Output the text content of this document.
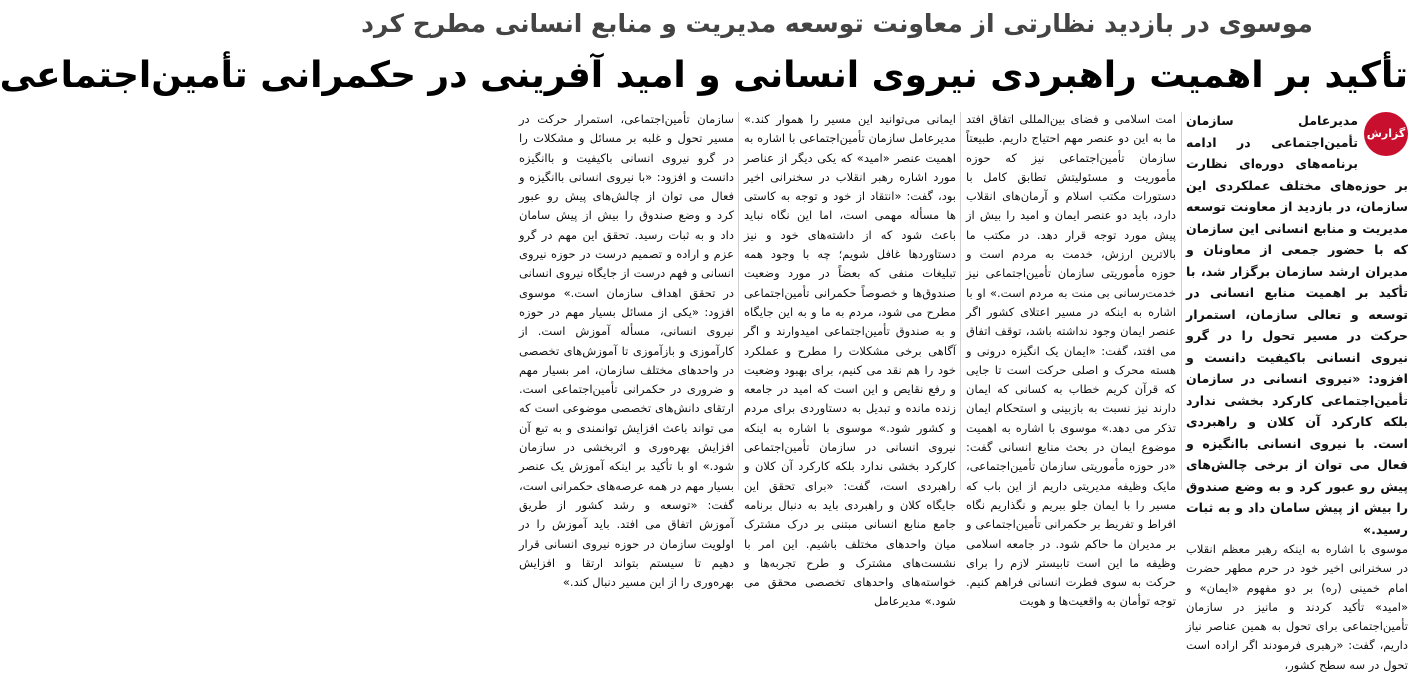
موسوی در بازدید نظارتی از معاونت توسعه مدیریت و منابع انسانی مطرح کرد
تأکید بر اهمیت راهبردی نیروی انسانی و امید آفرینی در حکمرانی تأمین‌اجتماعی
گزارش

مدیرعامل سازمان تأمین‌اجتماعی در ادامه برنامه‌های دوره‌ای نظارت بر حوزه‌های مختلف عملکردی این سازمان، در بازدید از معاونت توسعه مدیریت و منابع انسانی این سازمان که با حضور جمعی از معاونان و مدیران ارشد سازمان برگزار شد، با تأکید بر اهمیت منابع انسانی در توسعه و تعالی سازمان، استمرار حرکت در مسیر تحول را در گرو نیروی انسانی باکیفیت دانست و افزود: «نیروی انسانی در سازمان تأمین‌اجتماعی کارکرد بخشی ندارد بلکه کارکرد آن کلان و راهبردی است. با نیروی انسانی باانگیزه و فعال می توان از برخی چالش‌های پیش رو عبور کرد و به وضع صندوق را بیش از پیش سامان داد و به ثبات رسید.»

موسوی با اشاره به اینکه رهبر معظم انقلاب در سخنرانی اخیر خود در حرم مطهر حضرت امام خمینی (ره) بر دو مفهوم «ایمان» و «امید» تأکید کردند و مانیز در سازمان تأمین‌اجتماعی برای تحول به همین عناصر نیاز داریم، گفت: «رهبری فرمودند اگر اراده است تحول در سه سطح کشور،

امت اسلامی و فضای بین‌المللی اتفاق افتد ما به این دو عنصر مهم احتیاج داریم. طبیعتاً سازمان تأمین‌اجتماعی نیز که حوزه مأموریت و مسئولیتش تطابق کامل با دستورات مکتب اسلام و آرمان‌های انقلاب دارد، باید دو عنصر ایمان و امید را بیش از پیش مورد توجه قرار دهد. در مکتب ما بالاترین ارزش، خدمت به مردم است و حوزه مأموریتی سازمان تأمین‌اجتماعی نیز خدمت‌رسانی بی منت به مردم است.» او با اشاره به اینکه در مسیر اعتلای کشور اگر عنصر ایمان وجود نداشته باشد، توقف اتفاق می افتد، گفت: «ایمان یک انگیزه درونی و هسته محرک و اصلی حرکت است تا جایی که قرآن کریم خطاب به کسانی که ایمان دارند نیز نسبت به بازبینی و استحکام ایمان تذکر می دهد.» موسوی با اشاره به اهمیت موضوع ایمان در بحث منابع انسانی گفت: «در حوزه مأموریتی سازمان تأمین‌اجتماعی، مایک وظیفه مدیریتی داریم از این باب که مسیر را با ایمان جلو ببریم و نگذاریم نگاه افراط و تفریط بر حکمرانی تأمین‌اجتماعی و بر مدیران ما حاکم شود. در جامعه اسلامی وظیفه ما این است تابیستر لازم را برای حرکت به سوی فطرت انسانی فراهم کنیم. توجه توأمان به واقعیت‌ها و هویت

ایمانی می‌توانید این مسیر را هموار کند.» مدیرعامل سازمان تأمین‌اجتماعی با اشاره به اهمیت عنصر «امید» که یکی دیگر از عناصر مورد اشاره رهبر انقلاب در سخنرانی اخیر بود، گفت: «انتقاد از خود و توجه به کاستی ها مسأله مهمی است، اما این نگاه نباید باعث شود که از داشته‌های خود و نیز دستاوردها غافل شویم؛ چه با وجود همه تبلیغات منفی که بعضاً در مورد وضعیت صندوق‌ها و خصوصاً حکمرانی تأمین‌اجتماعی مطرح می شود، مردم به ما و به این جایگاه و به صندوق تأمین‌اجتماعی امیدوارند و اگر آگاهی برخی مشکلات را مطرح و عملکرد خود را هم نقد می کنیم، برای بهبود وضعیت و رفع نقایص و این است که امید در جامعه زنده مانده و تبدیل به دستاوردی برای مردم و کشور شود.» موسوی با اشاره به اینکه نیروی انسانی در سازمان تأمین‌اجتماعی کارکرد بخشی ندارد بلکه کارکرد آن کلان و راهبردی است، گفت: «برای تحقق این جایگاه کلان و راهبردی باید به دنبال برنامه جامع منابع انسانی مبتنی بر درک مشترک میان واحدهای مختلف باشیم. این امر با نشست‌های مشترک و طرح تجربه‌ها و خواسته‌های واحدهای تخصصی محقق می شود.» مدیرعامل

سازمان تأمین‌اجتماعی، استمرار حرکت در مسیر تحول و غلبه بر مسائل و مشکلات را در گرو نیروی انسانی باکیفیت و باانگیزه دانست و افزود: «با نیروی انسانی باانگیزه و فعال می توان از چالش‌های پیش رو عبور کرد و وضع صندوق را بیش از پیش سامان داد و به ثبات رسید. تحقق این مهم در گرو عزم و اراده و تصمیم درست در حوزه نیروی انسانی و فهم درست از جایگاه نیروی انسانی در تحقق اهداف سازمان است.» موسوی افزود: «یکی از مسائل بسیار مهم در حوزه نیروی انسانی، مسأله آموزش است. از کارآموزی و بازآموزی تا آموزش‌های تخصصی در واحدهای مختلف سازمان، امر بسیار مهم و ضروری در حکمرانی تأمین‌اجتماعی است. ارتقای دانش‌های تخصصی موضوعی است که می تواند باعث افزایش توانمندی و به تبع آن افزایش بهره‌وری و اثربخشی در سازمان شود.» او با تأکید بر اینکه آموزش یک عنصر بسیار مهم در همه عرصه‌های حکمرانی است، گفت: «توسعه و رشد کشور از طریق آموزش اتفاق می افتد. باید آموزش را در اولویت سازمان در حوزه نیروی انسانی قرار دهیم تا سیستم بتواند ارتقا و افزایش بهره‌وری را از این مسیر دنبال کند.»
